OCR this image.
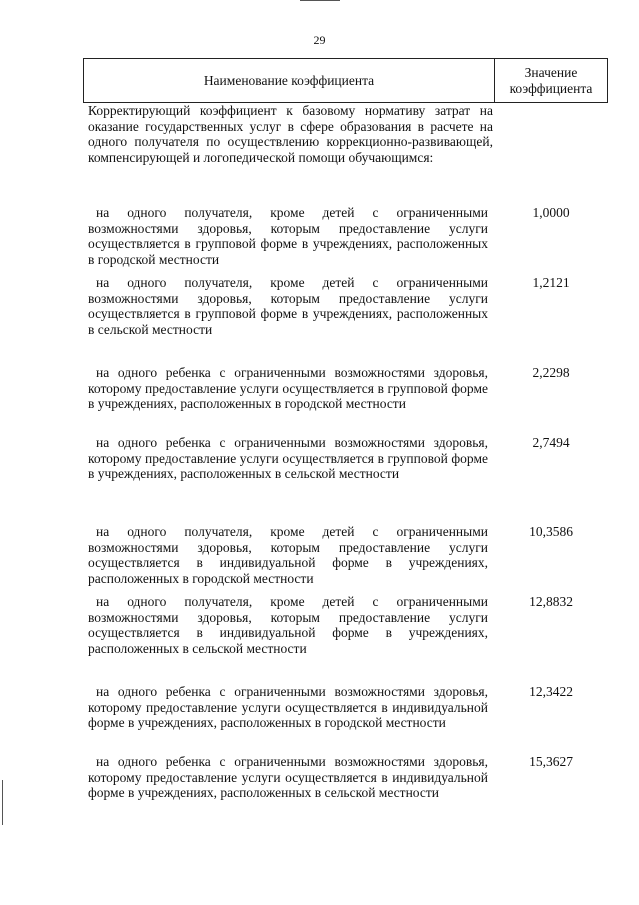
29
Наименование коэффициента
Значение
коэффициента
Корректирующий коэффициент к базовому нормативу затрат на оказание государственных услуг в сфере образования в расчете на одного получателя по осуществлению коррекционно-развивающей, компенсирующей и логопедической помощи обучающимся:
на одного получателя, кроме детей с ограниченными возможностями здоровья, которым предоставление услуги осуществляется в групповой форме в учреждениях, расположенных в городской местности
1,0000
на одного получателя, кроме детей с ограниченными возможностями здоровья, которым предоставление услуги осуществляется в групповой форме в учреждениях, расположенных в сельской местности
1,2121
на одного ребенка с ограниченными возможностями здоровья, которому предоставление услуги осуществляется в групповой форме в учреждениях, расположенных в городской местности
2,2298
на одного ребенка с ограниченными возможностями здоровья, которому предоставление услуги осуществляется в групповой форме в учреждениях, расположенных в сельской местности
2,7494
на одного получателя, кроме детей с ограниченными возможностями здоровья, которым предоставление услуги осуществляется в индивидуальной форме в учреждениях, расположенных в городской местности
10,3586
на одного получателя, кроме детей с ограниченными возможностями здоровья, которым предоставление услуги осуществляется в индивидуальной форме в учреждениях, расположенных в сельской местности
12,8832
на одного ребенка с ограниченными возможностями здоровья, которому предоставление услуги осуществляется в индивидуальной форме в учреждениях, расположенных в городской местности
12,3422
на одного ребенка с ограниченными возможностями здоровья, которому предоставление услуги осуществляется в индивидуальной форме в учреждениях, расположенных в сельской местности
15,3627
